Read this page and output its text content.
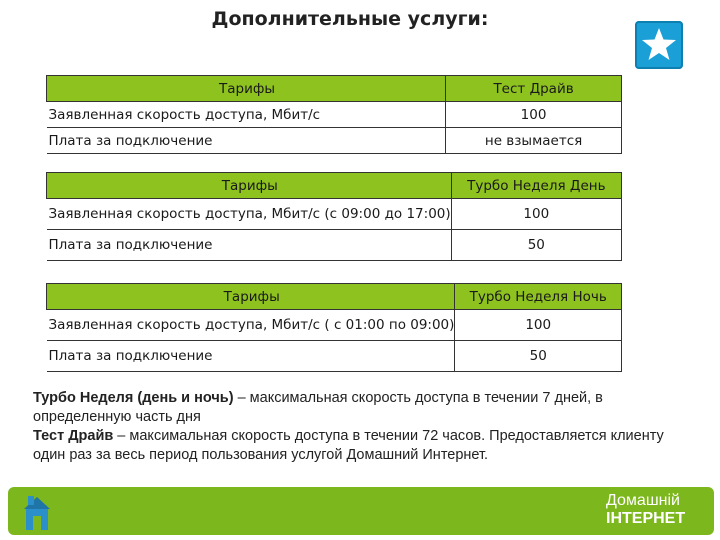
Дополнительные услуги:
Тарифы	Тест Драйв
Заявленная скорость доступа, Мбит/с	100
Плата за подключение	не взымается
Тарифы	Турбо Неделя День
Заявленная скорость доступа, Мбит/с (с 09:00 до 17:00)	100
Плата за подключение	50
Тарифы	Турбо Неделя Ночь
Заявленная скорость доступа, Мбит/с ( с 01:00 по 09:00)	100
Плата за подключение	50
Турбо Неделя (день и ночь) – максимальная скорость доступа в течении 7 дней, в определенную часть дня
Тест Драйв – максимальная скорость доступа в течении 72 часов. Предоставляется клиенту один раз за весь период пользования услугой Домашний Интернет.
Домашнiй
IНТЕРНЕТ
